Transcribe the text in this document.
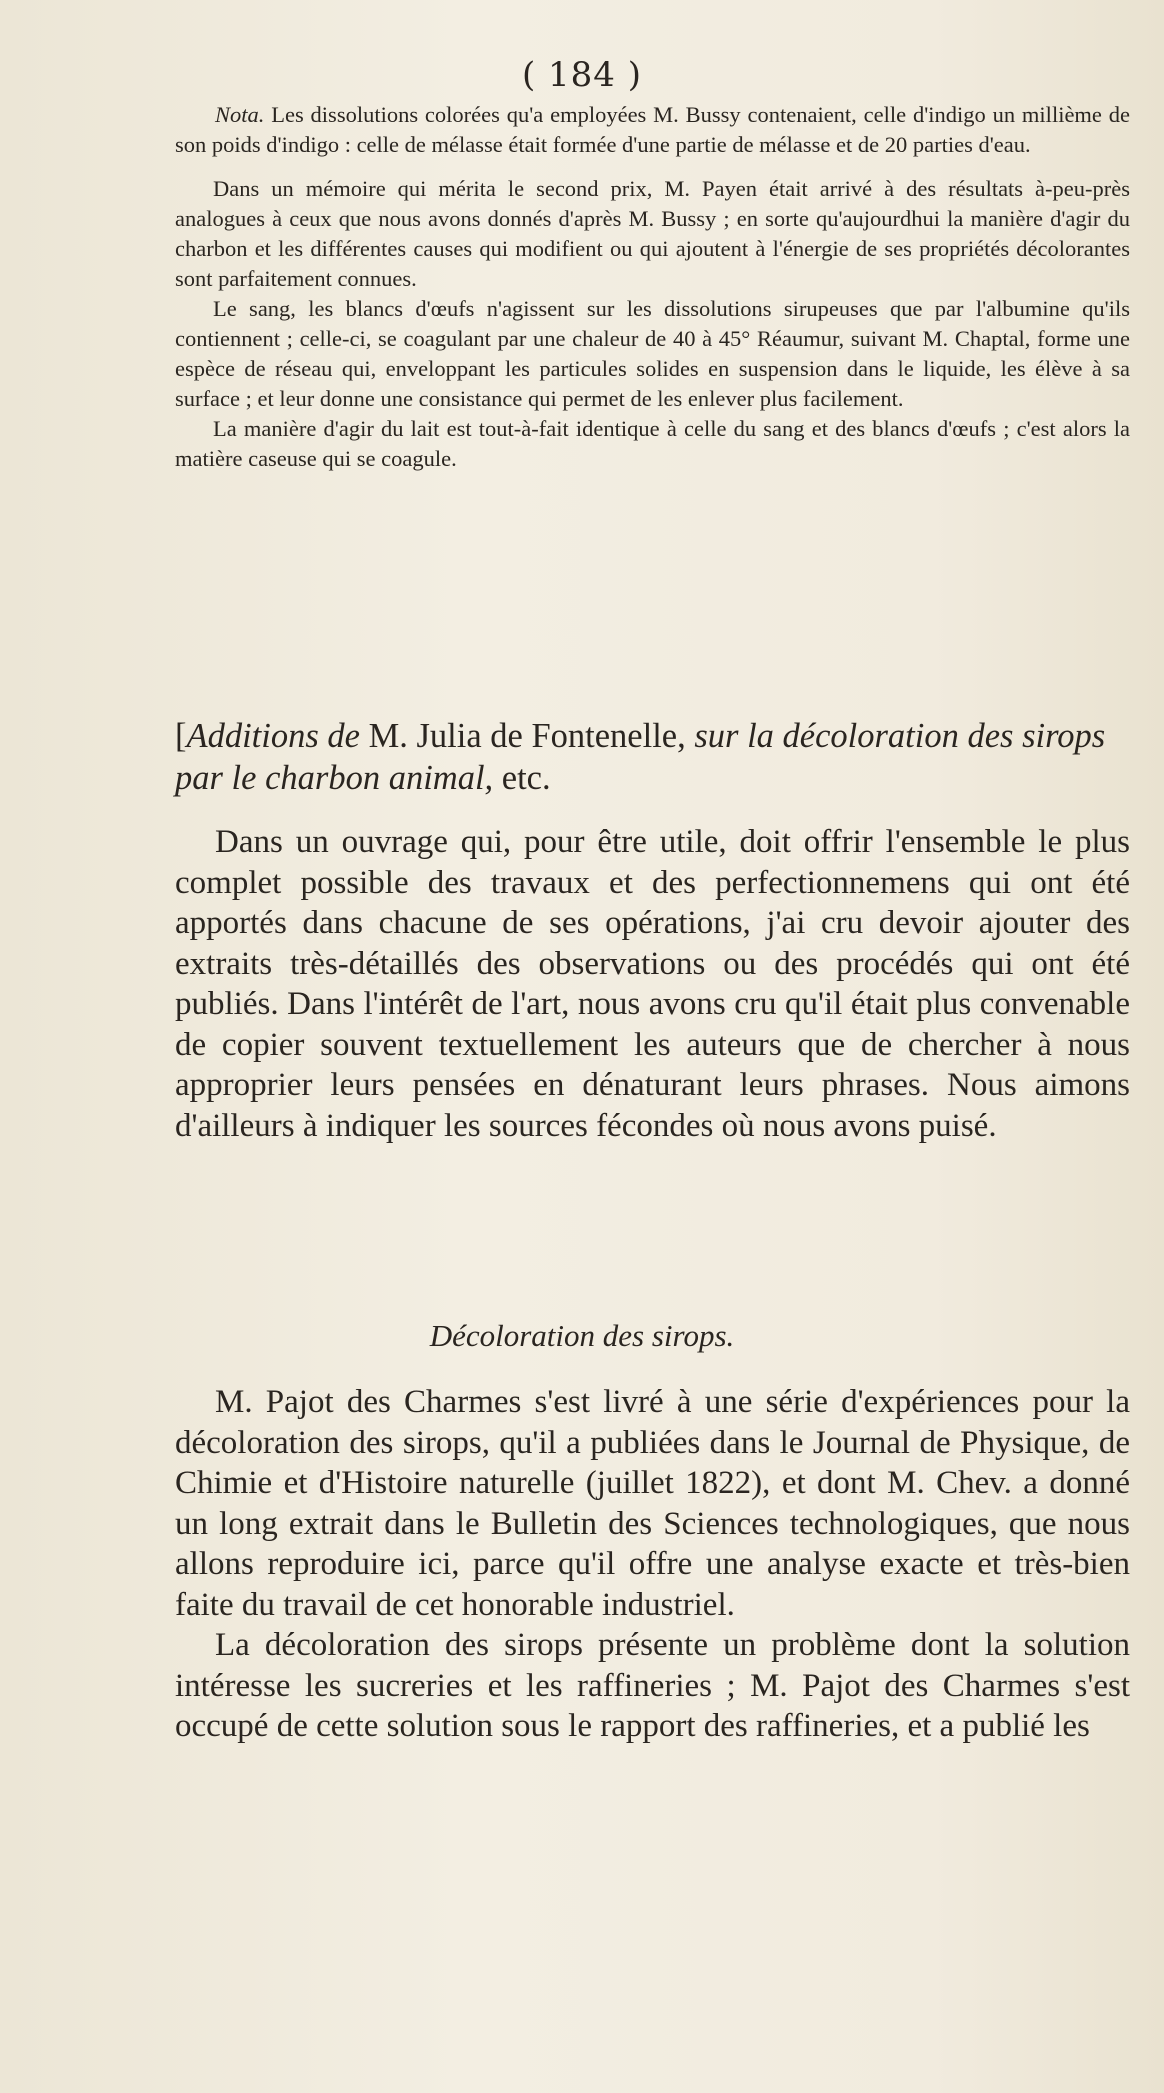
( 184 )

Nota. Les dissolutions colorées qu'a employées M. Bussy contenaient, celle d'indigo un millième de son poids d'indigo : celle de mélasse était formée d'une partie de mélasse et de 20 parties d'eau.

Dans un mémoire qui mérita le second prix, M. Payen était arrivé à des résultats à-peu-près analogues à ceux que nous avons donnés d'après M. Bussy ; en sorte qu'aujourdhui la manière d'agir du charbon et les différentes causes qui modifient ou qui ajoutent à l'énergie de ses propriétés décolorantes sont parfaitement connues.

Le sang, les blancs d'œufs n'agissent sur les dissolutions sirupeuses que par l'albumine qu'ils contiennent ; celle-ci, se coagulant par une chaleur de 40 à 45° Réaumur, suivant M. Chaptal, forme une espèce de réseau qui, enveloppant les particules solides en suspension dans le liquide, les élève à sa surface ; et leur donne une consistance qui permet de les enlever plus facilement.

La manière d'agir du lait est tout-à-fait identique à celle du sang et des blancs d'œufs ; c'est alors la matière caseuse qui se coagule.

[Additions de M. Julia de Fontenelle, sur la décoloration des sirops par le charbon animal, etc.

Dans un ouvrage qui, pour être utile, doit offrir l'ensemble le plus complet possible des travaux et des perfectionnemens qui ont été apportés dans chacune de ses opérations, j'ai cru devoir ajouter des extraits très-détaillés des observations ou des procédés qui ont été publiés. Dans l'intérêt de l'art, nous avons cru qu'il était plus convenable de copier souvent textuellement les auteurs que de chercher à nous approprier leurs pensées en dénaturant leurs phrases. Nous aimons d'ailleurs à indiquer les sources fécondes où nous avons puisé.

Décoloration des sirops.

M. Pajot des Charmes s'est livré à une série d'expériences pour la décoloration des sirops, qu'il a publiées dans le Journal de Physique, de Chimie et d'Histoire naturelle (juillet 1822), et dont M. Chev. a donné un long extrait dans le Bulletin des Sciences technologiques, que nous allons reproduire ici, parce qu'il offre une analyse exacte et très-bien faite du travail de cet honorable industriel.

La décoloration des sirops présente un problème dont la solution intéresse les sucreries et les raffineries ; M. Pajot des Charmes s'est occupé de cette solution sous le rapport des raffineries, et a publié les
